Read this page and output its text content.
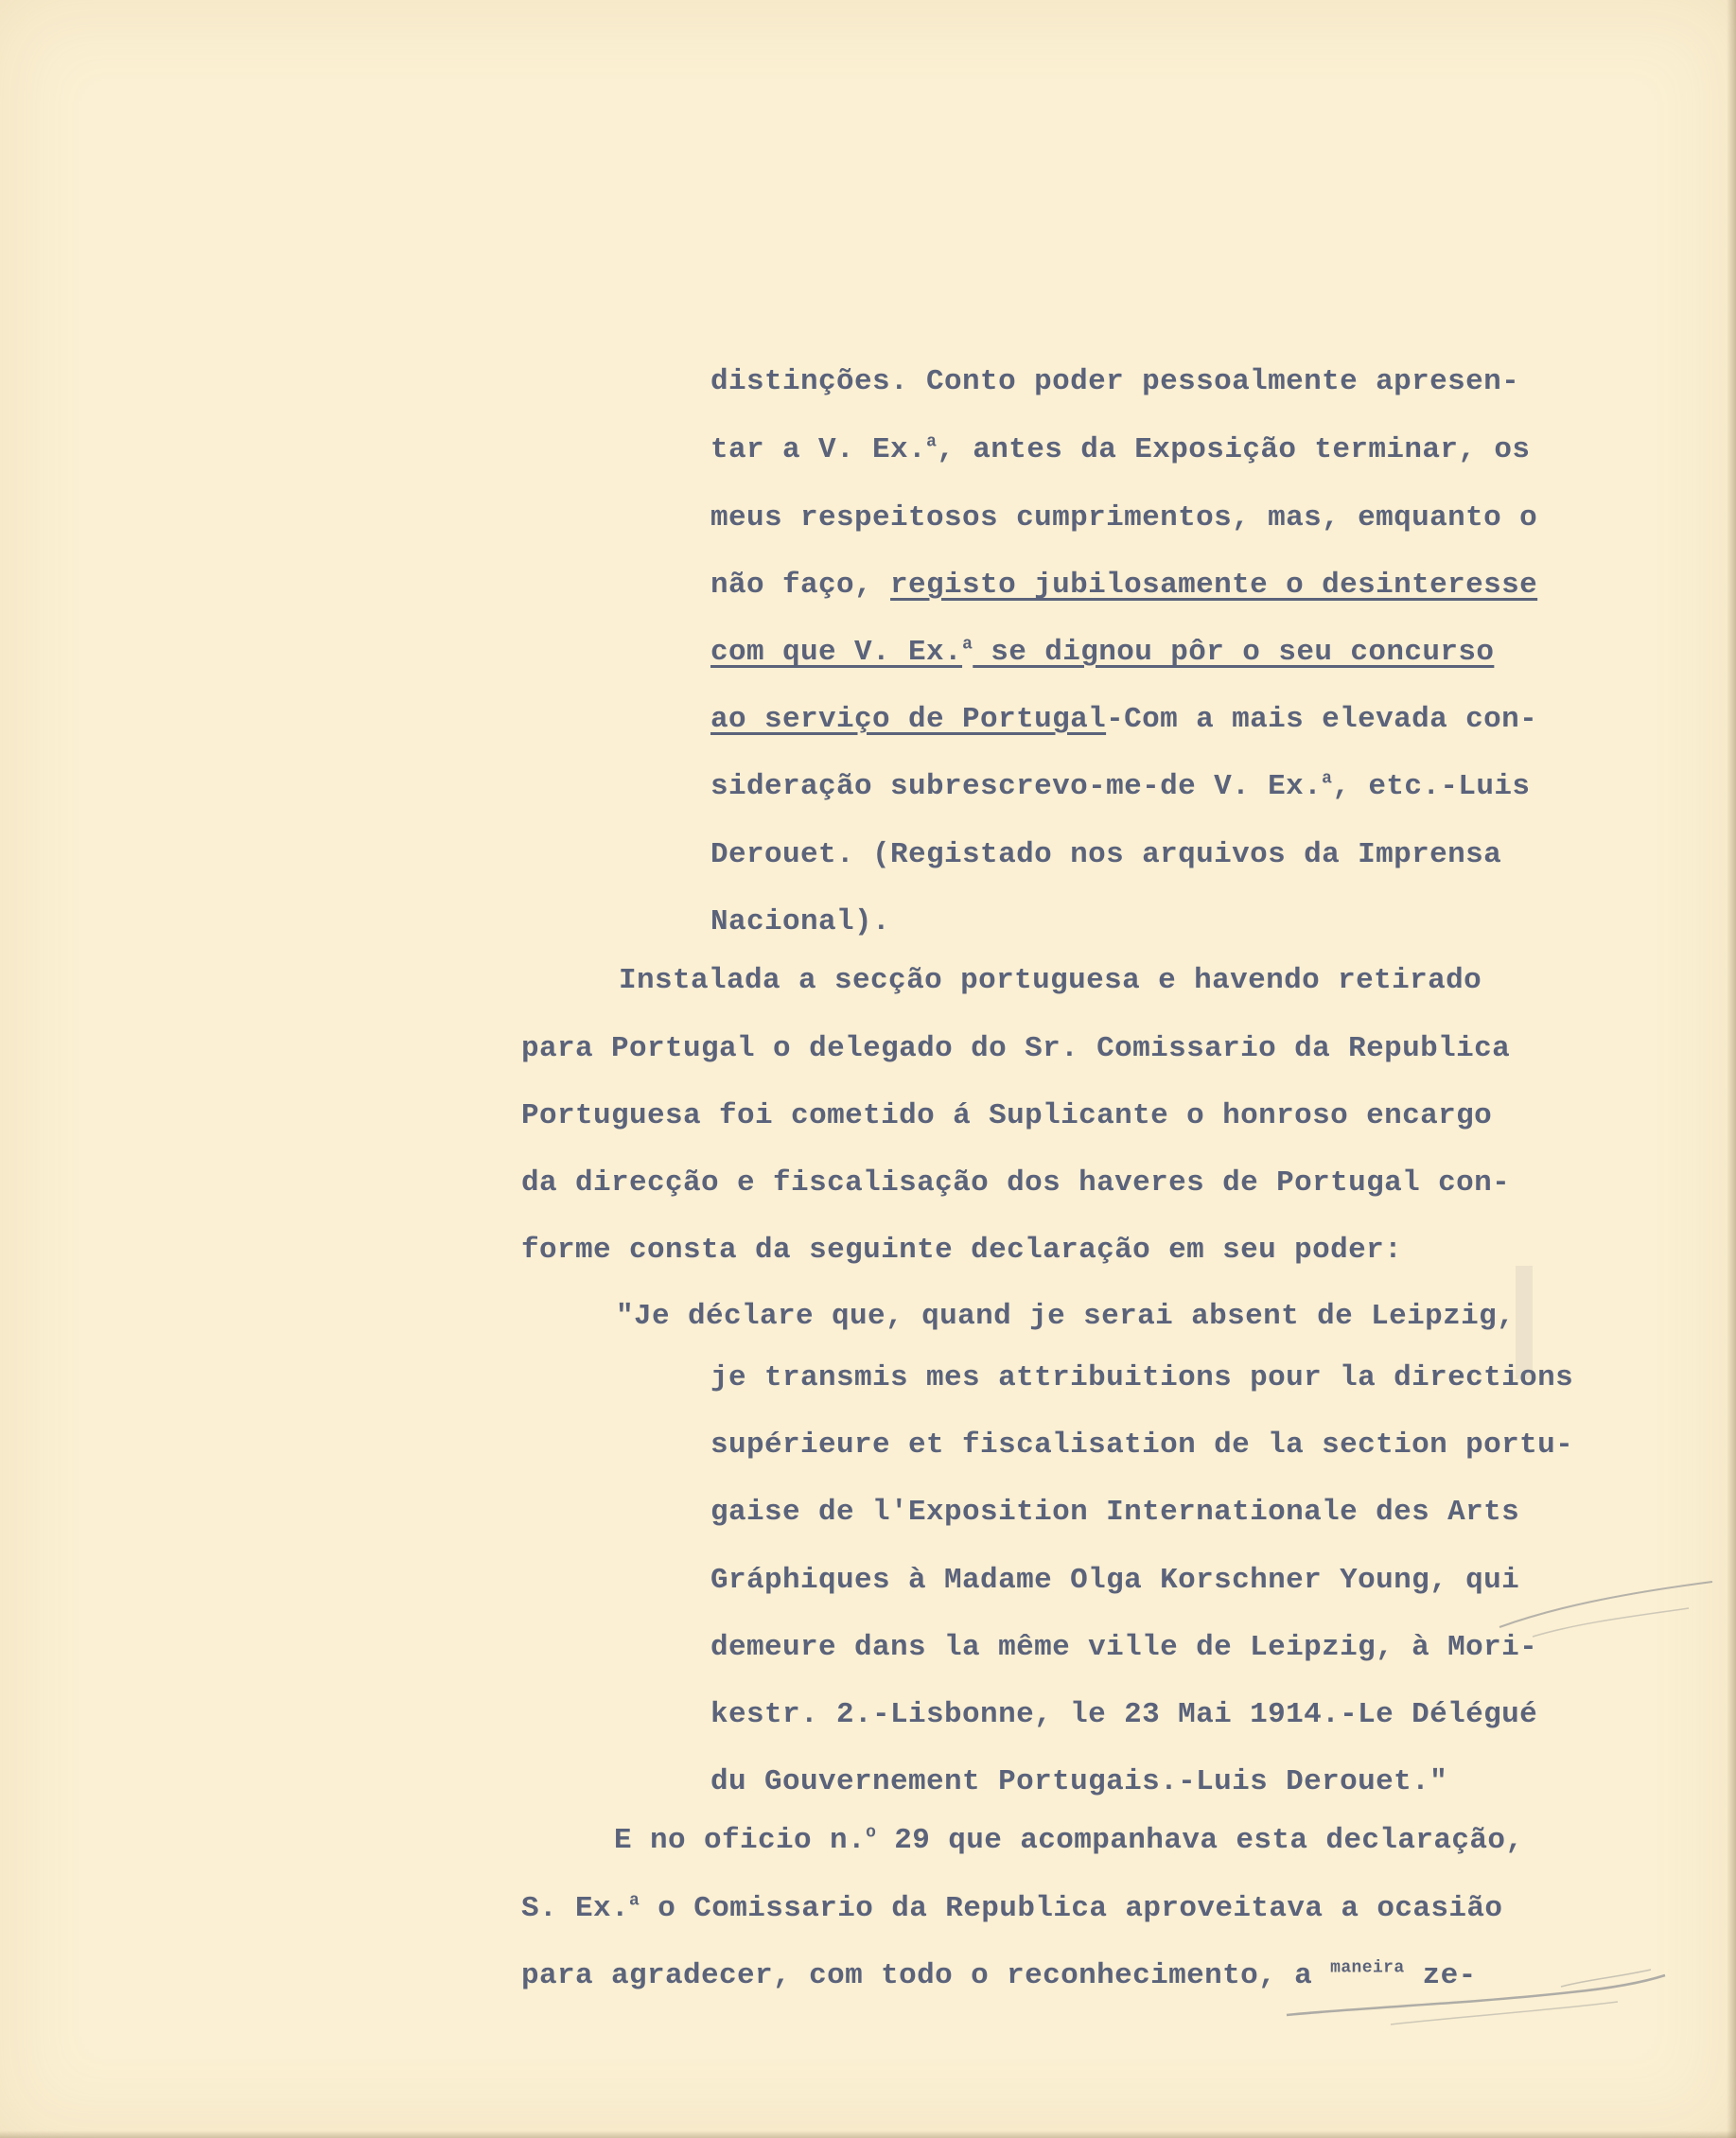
distinções. Conto poder pessoalmente apresen-

tar a V. Ex.$^a$, antes da Exposição terminar, os

meus respeitosos cumprimentos, mas, emquanto o

não faço, registo jubilosamente o desinteresse

com que V. Ex.$^a$ se dignou pôr o seu concurso

ao serviço de Portugal-Com a mais elevada con-

sideração subrescrevo-me-de V. Ex.$^a$, etc.-Luis

Derouet. (Registado nos arquivos da Imprensa

Nacional).

Instalada a secção portuguesa e havendo retirado

para Portugal o delegado do Sr. Comissario da Republica

Portuguesa foi cometido á Suplicante o honroso encargo

da direcção e fiscalisação dos haveres de Portugal con-

forme consta da seguinte declaração em seu poder:

"Je déclare que, quand je serai absent de Leipzig,

je transmis mes attribuitions pour la directions

supérieure et fiscalisation de la section portu-

gaise de l'Exposition Internationale des Arts

Gráphiques à Madame Olga Korschner Young, qui

demeure dans la même ville de Leipzig, à Mori-

kestr. 2.-Lisbonne, le 23 Mai 1914.-Le Délégué

du Gouvernement Portugais.-Luis Derouet."

E no oficio n.$^o$ 29 que acompanhava esta declaração,

S. Ex.$^a$ o Comissario da Republica aproveitava a ocasião

para agradecer, com todo o reconhecimento, a $^{maneira}$ ze-
